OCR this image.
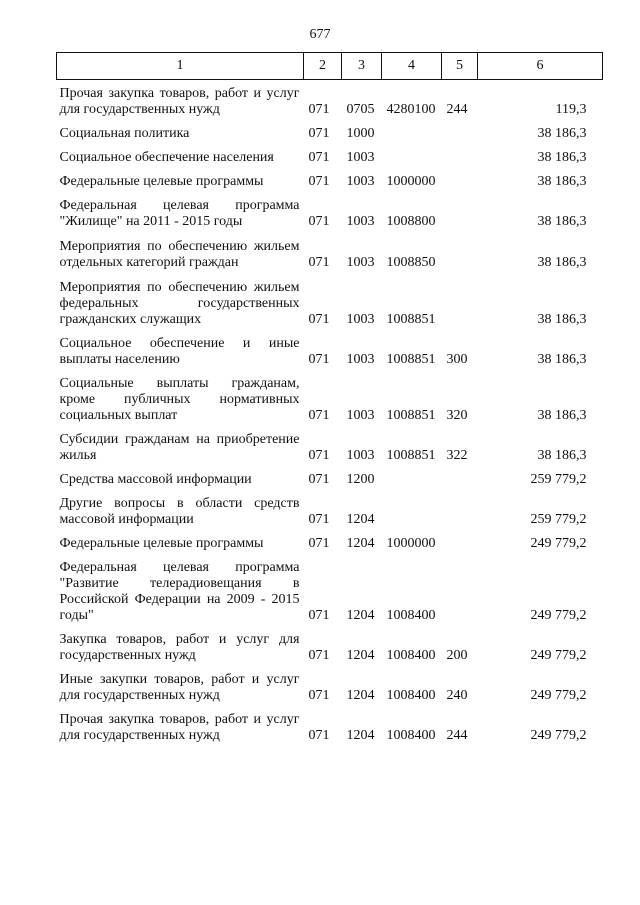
677
1	2	3	4	5	6
Прочая закупка товаров, работ и услуг для государственных нужд	071	0705	4280100	244	119,3
Социальная политика	071	1000			38 186,3
Социальное обеспечение населения	071	1003			38 186,3
Федеральные целевые программы	071	1003	1000000		38 186,3
Федеральная целевая программа "Жилище" на 2011 - 2015 годы	071	1003	1008800		38 186,3
Мероприятия по обеспечению жильем отдельных категорий граждан	071	1003	1008850		38 186,3
Мероприятия по обеспечению жильем федеральных государственных гражданских служащих	071	1003	1008851		38 186,3
Социальное обеспечение и иные выплаты населению	071	1003	1008851	300	38 186,3
Социальные выплаты гражданам, кроме публичных нормативных социальных выплат	071	1003	1008851	320	38 186,3
Субсидии гражданам на приобретение жилья	071	1003	1008851	322	38 186,3
Средства массовой информации	071	1200			259 779,2
Другие вопросы в области средств массовой информации	071	1204			259 779,2
Федеральные целевые программы	071	1204	1000000		249 779,2
Федеральная целевая программа "Развитие телерадиовещания в Российской Федерации на 2009 - 2015 годы"	071	1204	1008400		249 779,2
Закупка товаров, работ и услуг для государственных нужд	071	1204	1008400	200	249 779,2
Иные закупки товаров, работ и услуг для государственных нужд	071	1204	1008400	240	249 779,2
Прочая закупка товаров, работ и услуг для государственных нужд	071	1204	1008400	244	249 779,2
